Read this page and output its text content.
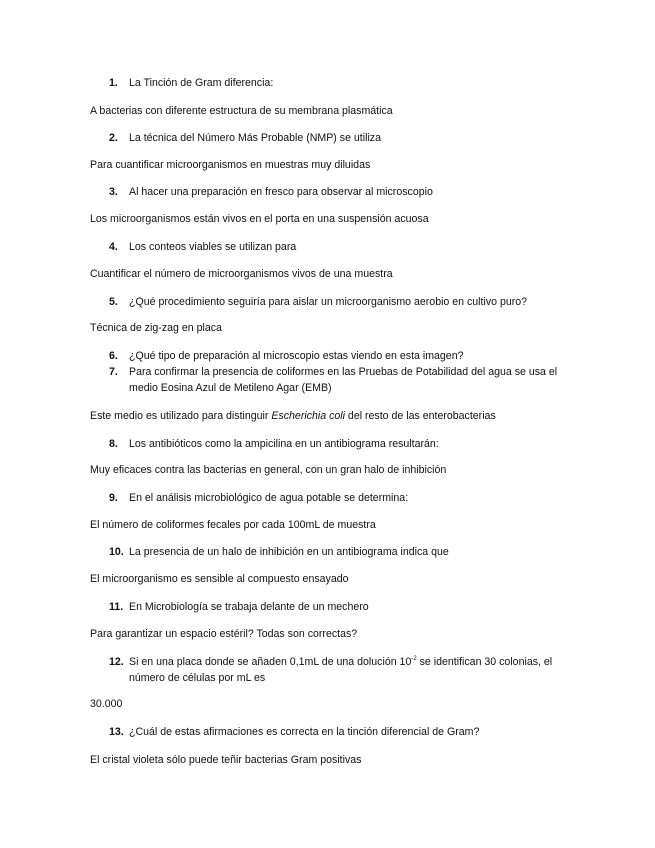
1.	La Tinción de Gram diferencia:
A bacterias con diferente estructura de su membrana plasmática
2.	La técnica del Número Más Probable (NMP) se utiliza
Para cuantificar microorganismos en muestras muy diluidas
3.	Al hacer una preparación en fresco para observar al microscopio
Los microorganismos están vivos en el porta en una suspensión acuosa
4.	Los conteos viables se utilizan para
Cuantificar el número de microorganismos vivos de una muestra
5.	¿Qué procedimiento seguiría para aislar un microorganismo aerobio en cultivo puro?
Técnica de zig-zag en placa
6.	¿Qué tipo de preparación al microscopio estas viendo en esta imagen?
7.	Para confirmar la presencia de coliformes en las Pruebas de Potabilidad del agua se usa el medio Eosina Azul de Metileno Agar (EMB)
Este medio es utilizado para distinguir Escherichia coli del resto de las enterobacterias
8.	Los antibióticos como la ampicilina en un antibiograma resultarán:
Muy eficaces contra las bacterias en general, con un gran halo de inhibición
9.	En el análisis microbiológico de agua potable se determina:
El número de coliformes fecales por cada 100mL de muestra
10. La presencia de un halo de inhibición en un antibiograma indica que
El microorganismo es sensible al compuesto ensayado
11. En Microbiología se trabaja delante de un mechero
Para garantizar un espacio estéril? Todas son correctas?
12. Si en una placa donde se añaden 0,1mL de una dolución $10^{-2}$ se identifican 30 colonias, el número de células por mL es
30.000
13. ¿Cuál de estas afirmaciones es correcta en la tinción diferencial de Gram?
El cristal violeta sólo puede teñir bacterias Gram positivas
